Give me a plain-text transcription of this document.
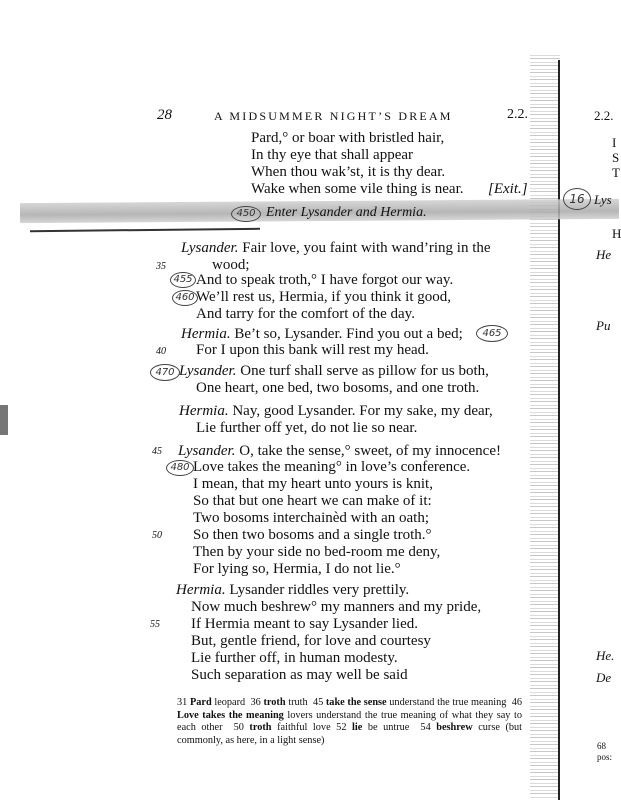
28	A MIDSUMMER NIGHT’S DREAM	2.2.
Pard,° or boar with bristled hair,
In thy eye that shall appear
When thou wak’st, it is thy dear.
Wake when some vile thing is near. [Exit.]
450 Enter Lysander and Hermia.
Lysander. Fair love, you faint with wand’ring in the
wood;
35
455 And to speak troth,° I have forgot our way.
460 We’ll rest us, Hermia, if you think it good,
And tarry for the comfort of the day.
Hermia. Be’t so, Lysander. Find you out a bed;	465
40 For I upon this bank will rest my head.
470 Lysander. One turf shall serve as pillow for us both,
One heart, one bed, two bosoms, and one troth.
Hermia. Nay, good Lysander. For my sake, my dear,
Lie further off yet, do not lie so near.
45 Lysander. O, take the sense,° sweet, of my innocence!
480 Love takes the meaning° in love’s conference.
I mean, that my heart unto yours is knit,
So that but one heart we can make of it:
Two bosoms interchainèd with an oath;
50 So then two bosoms and a single troth.°
Then by your side no bed-room me deny,
For lying so, Hermia, I do not lie.°
Hermia. Lysander riddles very prettily.
Now much beshrew° my manners and my pride,
55 If Hermia meant to say Lysander lied.
But, gentle friend, for love and courtesy
Lie further off, in human modesty.
Such separation as may well be said
31 Pard leopard 36 troth truth 45 take the sense understand the true meaning 46 Love takes the meaning lovers understand the true meaning of what they say to each other 50 troth faithful love 52 lie be untrue 54 beshrew curse (but commonly, as here, in a light sense)
2.2.
I
S
T
16 Lys
H
He
Pu
He.
De
68
pos:
